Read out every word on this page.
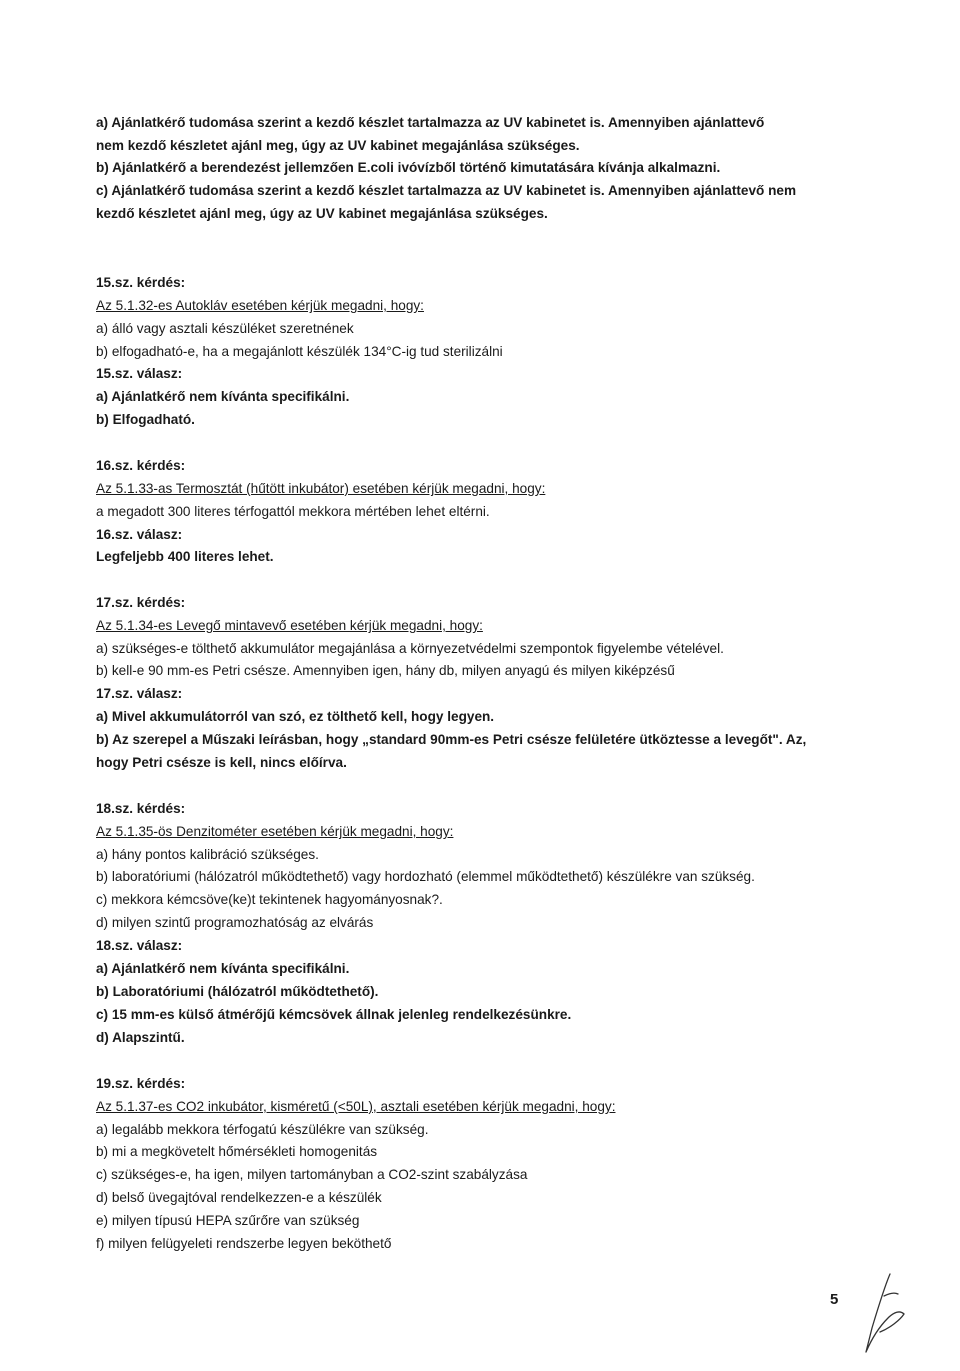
a) Ajánlatkérő tudomása szerint a kezdő készlet tartalmazza az UV kabinetet is. Amennyiben ajánlattevő
nem kezdő készletet ajánl meg, úgy az UV kabinet megajánlása szükséges.
b) Ajánlatkérő a berendezést jellemzően E.coli ivóvízből történő kimutatására kívánja alkalmazni.
c) Ajánlatkérő tudomása szerint a kezdő készlet tartalmazza az UV kabinetet is. Amennyiben ajánlattevő nem
kezdő készletet ajánl meg, úgy az UV kabinet megajánlása szükséges.
15.sz. kérdés:
Az 5.1.32-es Autokláv esetében kérjük megadni, hogy:
a) álló vagy asztali készüléket szeretnének
b) elfogadható-e, ha a megajánlott készülék 134°C-ig tud sterilizálni
15.sz. válasz:
a) Ajánlatkérő nem kívánta specifikálni.
b) Elfogadható.
16.sz. kérdés:
Az 5.1.33-as Termosztát (hűtött inkubátor) esetében kérjük megadni, hogy:
a megadott 300 literes térfogattól mekkora mértében lehet eltérni.
16.sz. válasz:
Legfeljebb 400 literes lehet.
17.sz. kérdés:
Az 5.1.34-es Levegő mintavevő esetében kérjük megadni, hogy:
a) szükséges-e tölthető akkumulátor megajánlása a környezetvédelmi szempontok figyelembe vételével.
b) kell-e 90 mm-es Petri csésze. Amennyiben igen, hány db, milyen anyagú és milyen kiképzésű
17.sz. válasz:
a) Mivel akkumulátorról van szó, ez tölthető kell, hogy legyen.
b) Az szerepel a Műszaki leírásban, hogy „standard 90mm-es Petri csésze felületére ütköztesse a levegőt". Az,
hogy Petri csésze is kell, nincs előírva.
18.sz. kérdés:
Az 5.1.35-ös Denzitométer esetében kérjük megadni, hogy:
a) hány pontos kalibráció szükséges.
b) laboratóriumi (hálózatról működtethető) vagy hordozható (elemmel működtethető) készülékre van szükség.
c) mekkora kémcsöve(ke)t tekintenek hagyományosnak?.
d) milyen szintű programozhatóság az elvárás
18.sz. válasz:
a) Ajánlatkérő nem kívánta specifikálni.
b) Laboratóriumi (hálózatról működtethető).
c) 15 mm-es külső átmérőjű kémcsövek állnak jelenleg rendelkezésünkre.
d) Alapszintű.
19.sz. kérdés:
Az 5.1.37-es CO2 inkubátor, kisméretű (<50L), asztali esetében kérjük megadni, hogy:
a) legalább mekkora térfogatú készülékre van szükség.
b) mi a megkövetelt hőmérsékleti homogenitás
c) szükséges-e, ha igen, milyen tartományban a CO2-szint szabályzása
d) belső üvegajtóval rendelkezzen-e a készülék
e) milyen típusú HEPA szűrőre van szükség
f) milyen felügyeleti rendszerbe legyen beköthető
5
